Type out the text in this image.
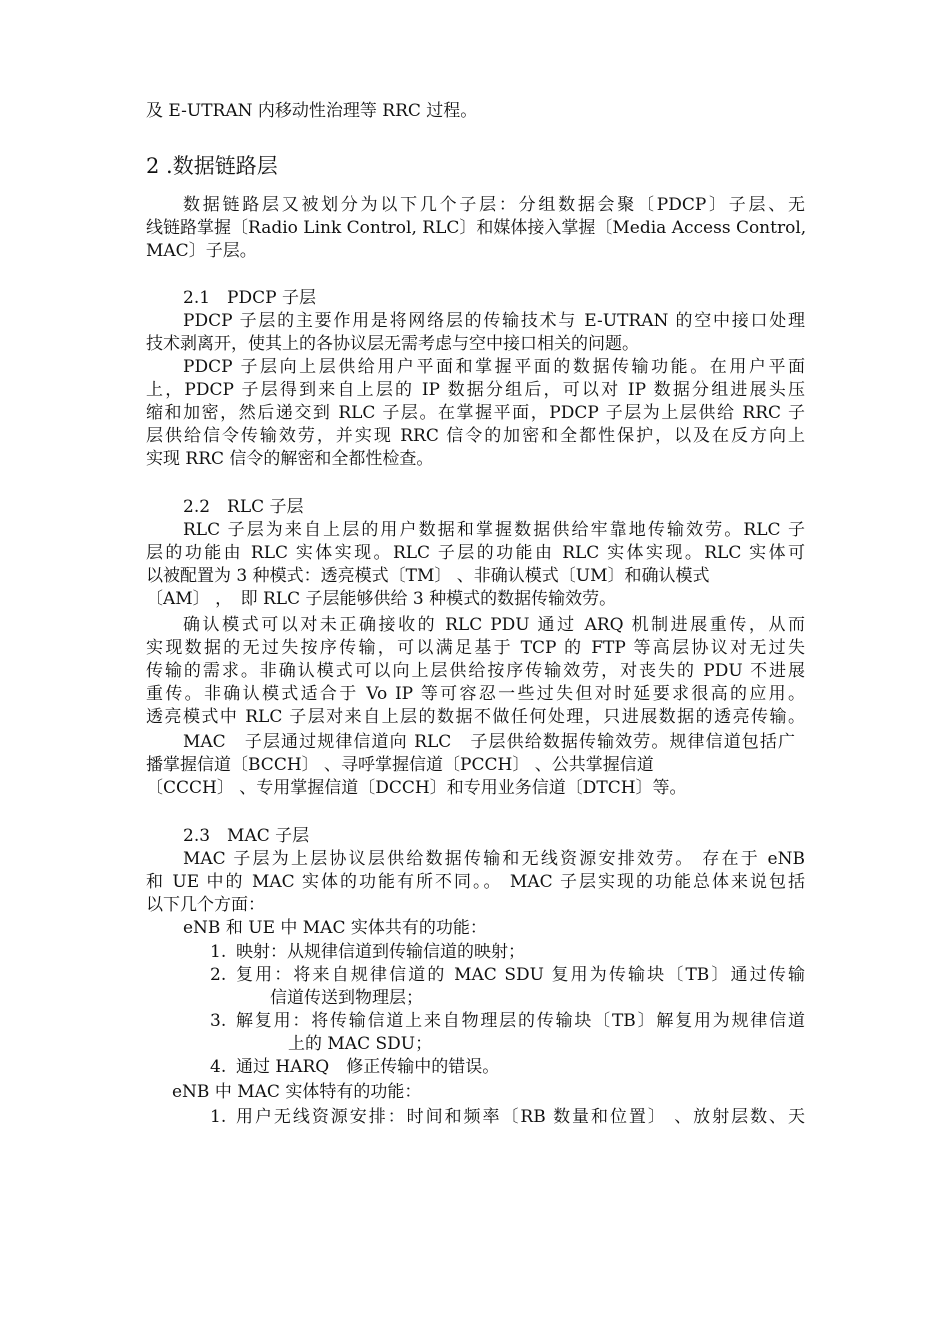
及 E-UTRAN 内移动性治理等 RRC 过程。
2 .数据链路层
数据链路层又被划分为以下几个子层：分组数据会聚〔PDCP〕子层、无
线链路掌握〔Radio Link Control, RLC〕和媒体接入掌握〔Media Access Control,
MAC〕子层。
2.1　PDCP 子层
PDCP 子层的主要作用是将网络层的传输技术与 E-UTRAN 的空中接口处理
技术剥离开，使其上的各协议层无需考虑与空中接口相关的问题。
PDCP 子层向上层供给用户平面和掌握平面的数据传输功能。在用户平面
上，PDCP 子层得到来自上层的 IP 数据分组后，可以对 IP 数据分组进展头压
缩和加密，然后递交到 RLC 子层。在掌握平面，PDCP 子层为上层供给 RRC 子
层供给信令传输效劳，并实现 RRC 信令的加密和全都性保护，以及在反方向上
实现 RRC 信令的解密和全都性检查。
2.2　RLC 子层
RLC 子层为来自上层的用户数据和掌握数据供给牢靠地传输效劳。RLC 子
层的功能由 RLC 实体实现。RLC 子层的功能由 RLC 实体实现。RLC 实体可
以被配置为 3 种模式：透亮模式〔TM〕 、非确认模式〔UM〕和确认模式
〔AM〕 ，　即 RLC 子层能够供给 3 种模式的数据传输效劳。
确认模式可以对未正确接收的 RLC PDU 通过 ARQ 机制进展重传，从而
实现数据的无过失按序传输，可以满足基于 TCP 的 FTP 等高层协议对无过失
传输的需求。非确认模式可以向上层供给按序传输效劳，对丧失的 PDU 不进展
重传。非确认模式适合于 Vo IP 等可容忍一些过失但对时延要求很高的应用。
透亮模式中 RLC 子层对来自上层的数据不做任何处理，只进展数据的透亮传输。
MAC　子层通过规律信道向 RLC　子层供给数据传输效劳。规律信道包括广
播掌握信道〔BCCH〕 、寻呼掌握信道〔PCCH〕 、公共掌握信道
〔CCCH〕 、专用掌握信道〔DCCH〕和专用业务信道〔DTCH〕等。
2.3　MAC 子层
MAC 子层为上层协议层供给数据传输和无线资源安排效劳。 存在于 eNB
和 UE 中的 MAC 实体的功能有所不同。。 MAC 子层实现的功能总体来说包括
以下几个方面：
eNB 和 UE 中 MAC 实体共有的功能：
1. 映射：从规律信道到传输信道的映射；
2. 复用：将来自规律信道的 MAC SDU 复用为传输块〔TB〕通过传输
信道传送到物理层；
3. 解复用：将传输信道上来自物理层的传输块〔TB〕解复用为规律信道
上的 MAC SDU；
4. 通过 HARQ　修正传输中的错误。
eNB 中 MAC 实体特有的功能：
1. 用户无线资源安排：时间和频率〔RB 数量和位置〕 、放射层数、天
